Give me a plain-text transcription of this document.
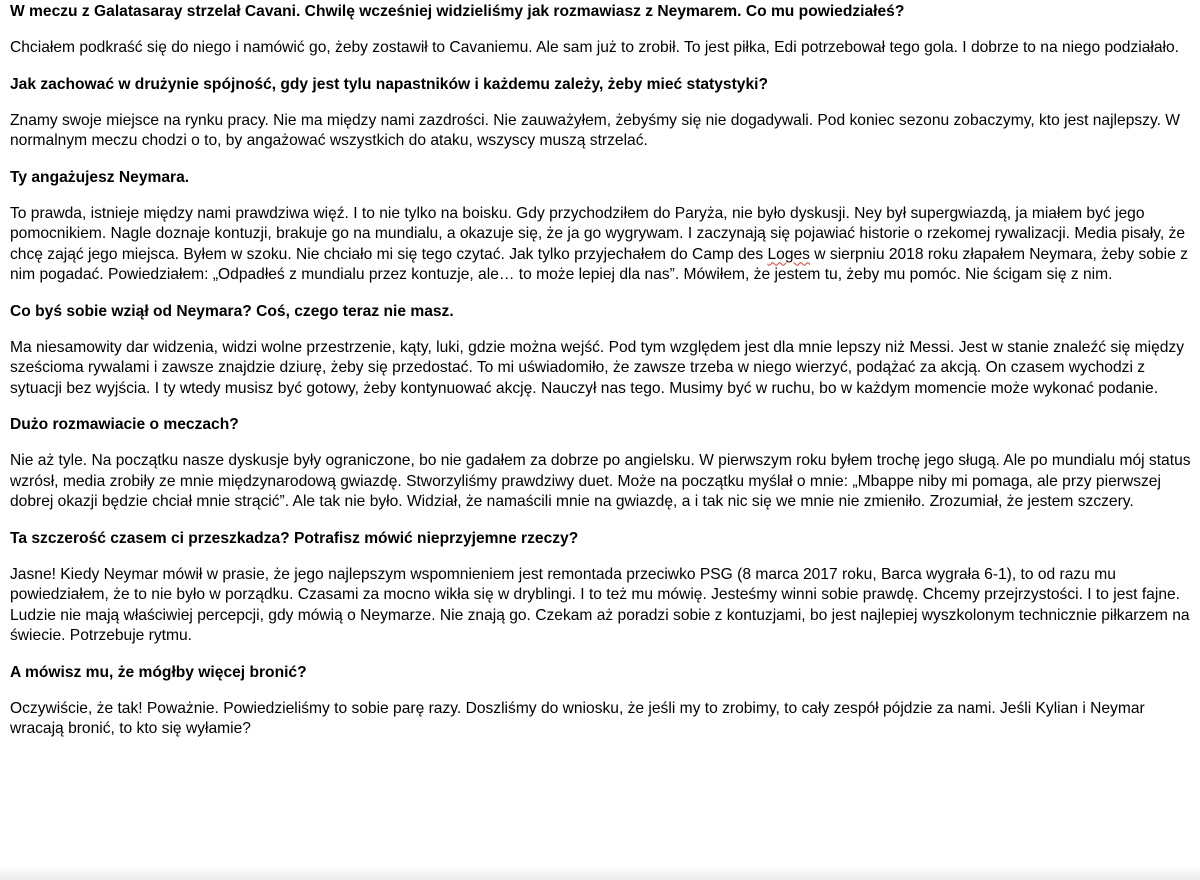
W meczu z Galatasaray strzelał Cavani. Chwilę wcześniej widzieliśmy jak rozmawiasz z Neymarem. Co mu powiedziałeś?

Chciałem podkraść się do niego i namówić go, żeby zostawił to Cavaniemu. Ale sam już to zrobił. To jest piłka, Edi potrzebował tego gola. I dobrze to na niego podziałało.

Jak zachować w drużynie spójność, gdy jest tylu napastników i każdemu zależy, żeby mieć statystyki?

Znamy swoje miejsce na rynku pracy. Nie ma między nami zazdrości. Nie zauważyłem, żebyśmy się nie dogadywali. Pod koniec sezonu zobaczymy, kto jest najlepszy. W normalnym meczu chodzi o to, by angażować wszystkich do ataku, wszyscy muszą strzelać.

Ty angażujesz Neymara.

To prawda, istnieje między nami prawdziwa więź. I to nie tylko na boisku. Gdy przychodziłem do Paryża, nie było dyskusji. Ney był supergwiazdą, ja miałem być jego pomocnikiem. Nagle doznaje kontuzji, brakuje go na mundialu, a okazuje się, że ja go wygrywam. I zaczynają się pojawiać historie o rzekomej rywalizacji. Media pisały, że chcę zająć jego miejsca. Byłem w szoku. Nie chciało mi się tego czytać. Jak tylko przyjechałem do Camp des Loges w sierpniu 2018 roku złapałem Neymara, żeby sobie z nim pogadać. Powiedziałem: „Odpadłeś z mundialu przez kontuzje, ale… to może lepiej dla nas”. Mówiłem, że jestem tu, żeby mu pomóc. Nie ścigam się z nim.

Co byś sobie wziął od Neymara? Coś, czego teraz nie masz.

Ma niesamowity dar widzenia, widzi wolne przestrzenie, kąty, luki, gdzie można wejść. Pod tym względem jest dla mnie lepszy niż Messi. Jest w stanie znaleźć się między sześcioma rywalami i zawsze znajdzie dziurę, żeby się przedostać. To mi uświadomiło, że zawsze trzeba w niego wierzyć, podążać za akcją. On czasem wychodzi z sytuacji bez wyjścia. I ty wtedy musisz być gotowy, żeby kontynuować akcję. Nauczył nas tego. Musimy być w ruchu, bo w każdym momencie może wykonać podanie.

Dużo rozmawiacie o meczach?

Nie aż tyle. Na początku nasze dyskusje były ograniczone, bo nie gadałem za dobrze po angielsku. W pierwszym roku byłem trochę jego sługą. Ale po mundialu mój status wzrósł, media zrobiły ze mnie międzynarodową gwiazdę. Stworzyliśmy prawdziwy duet. Może na początku myślał o mnie: „Mbappe niby mi pomaga, ale przy pierwszej dobrej okazji będzie chciał mnie strącić”. Ale tak nie było. Widział, że namaścili mnie na gwiazdę, a i tak nic się we mnie nie zmieniło. Zrozumiał, że jestem szczery.

Ta szczerość czasem ci przeszkadza? Potrafisz mówić nieprzyjemne rzeczy?

Jasne! Kiedy Neymar mówił w prasie, że jego najlepszym wspomnieniem jest remontada przeciwko PSG (8 marca 2017 roku, Barca wygrała 6-1), to od razu mu powiedziałem, że to nie było w porządku. Czasami za mocno wikła się w dryblingi. I to też mu mówię. Jesteśmy winni sobie prawdę. Chcemy przejrzystości. I to jest fajne. Ludzie nie mają właściwiej percepcji, gdy mówią o Neymarze. Nie znają go. Czekam aż poradzi sobie z kontuzjami, bo jest najlepiej wyszkolonym technicznie piłkarzem na świecie. Potrzebuje rytmu.

A mówisz mu, że mógłby więcej bronić?

Oczywiście, że tak! Poważnie. Powiedzieliśmy to sobie parę razy. Doszliśmy do wniosku, że jeśli my to zrobimy, to cały zespół pójdzie za nami. Jeśli Kylian i Neymar wracają bronić, to kto się wyłamie?
